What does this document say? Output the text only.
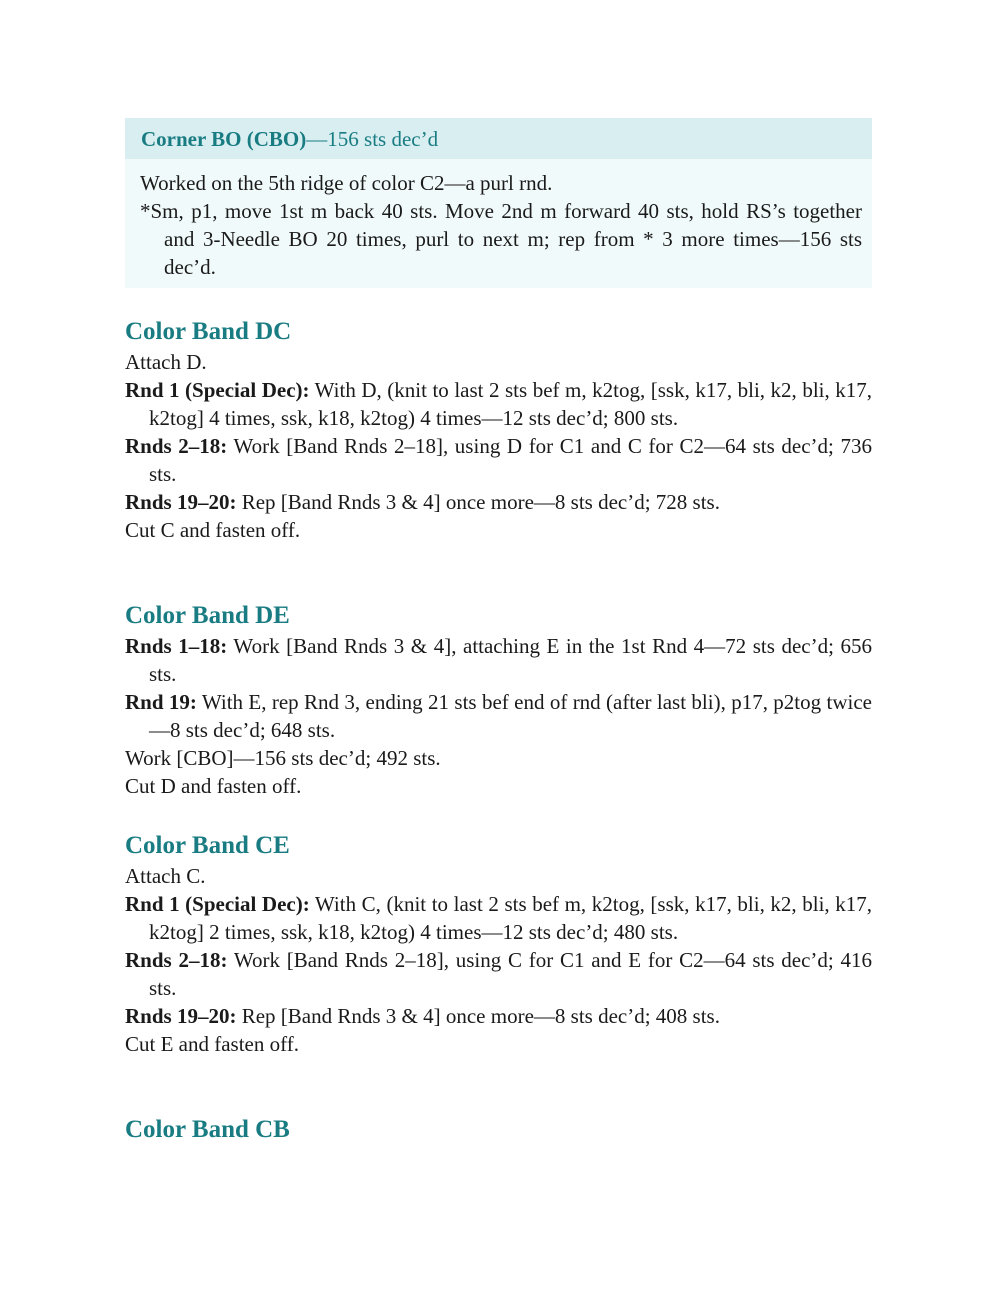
Corner BO (CBO)—156 sts dec’d

Worked on the 5th ridge of color C2—a purl rnd.

*Sm, p1, move 1st m back 40 sts. Move 2nd m forward 40 sts, hold RS’s together and 3-Needle BO 20 times, purl to next m; rep from * 3 more times—156 sts dec’d.

Color Band DC

Attach D.

Rnd 1 (Special Dec): With D, (knit to last 2 sts bef m, k2tog, [ssk, k17, bli, k2, bli, k17, k2tog] 4 times, ssk, k18, k2tog) 4 times—12 sts dec’d; 800 sts.

Rnds 2–18: Work [Band Rnds 2–18], using D for C1 and C for C2—64 sts dec’d; 736 sts.

Rnds 19–20: Rep [Band Rnds 3 & 4] once more—8 sts dec’d; 728 sts.

Cut C and fasten off.

Color Band DE

Rnds 1–18: Work [Band Rnds 3 & 4], attaching E in the 1st Rnd 4—72 sts dec’d; 656 sts.

Rnd 19: With E, rep Rnd 3, ending 21 sts bef end of rnd (after last bli), p17, p2tog twice—8 sts dec’d; 648 sts.

Work [CBO]—156 sts dec’d; 492 sts.

Cut D and fasten off.

Color Band CE

Attach C.

Rnd 1 (Special Dec): With C, (knit to last 2 sts bef m, k2tog, [ssk, k17, bli, k2, bli, k17, k2tog] 2 times, ssk, k18, k2tog) 4 times—12 sts dec’d; 480 sts.

Rnds 2–18: Work [Band Rnds 2–18], using C for C1 and E for C2—64 sts dec’d; 416 sts.

Rnds 19–20: Rep [Band Rnds 3 & 4] once more—8 sts dec’d; 408 sts.

Cut E and fasten off.

Color Band CB
